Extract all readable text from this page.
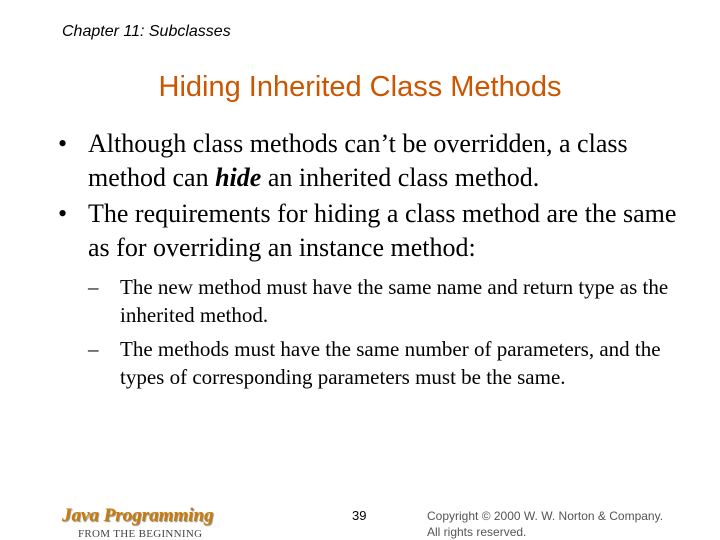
Chapter 11: Subclasses
Hiding Inherited Class Methods
• Although class methods can’t be overridden, a class method can hide an inherited class method.
• The requirements for hiding a class method are the same as for overriding an instance method:
– The new method must have the same name and return type as the inherited method.
– The methods must have the same number of parameters, and the types of corresponding parameters must be the same.
Java Programming
FROM THE BEGINNING
39	Copyright © 2000 W. W. Norton & Company.
All rights reserved.
